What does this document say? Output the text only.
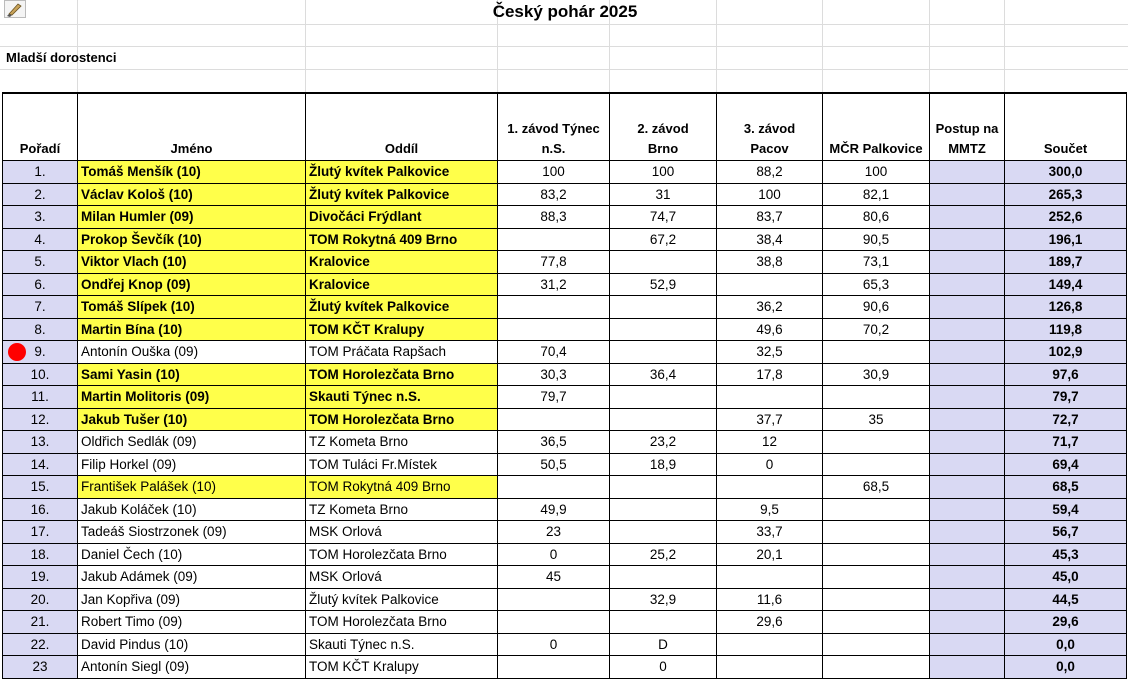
Český pohár 2025
Mladší dorostenci
Pořadí	Jméno	Oddíl	1. závod Týnec n.S.	2. závod Brno	3. závod Pacov	MČR Palkovice	Postup na MMTZ	Součet
1.	Tomáš Menšík (10)	Žlutý kvítek Palkovice	100	100	88,2	100		300,0
2.	Václav Kološ (10)	Žlutý kvítek Palkovice	83,2	31	100	82,1		265,3
3.	Milan Humler (09)	Divočáci Frýdlant	88,3	74,7	83,7	80,6		252,6
4.	Prokop Ševčík (10)	TOM Rokytná 409 Brno		67,2	38,4	90,5		196,1
5.	Viktor Vlach (10)	Kralovice	77,8		38,8	73,1		189,7
6.	Ondřej Knop (09)	Kralovice	31,2	52,9		65,3		149,4
7.	Tomáš Slípek (10)	Žlutý kvítek Palkovice			36,2	90,6		126,8
8.	Martin Bína (10)	TOM KČT Kralupy			49,6	70,2		119,8
9.	Antonín Ouška (09)	TOM Práčata Rapšach	70,4		32,5			102,9
10.	Sami Yasin (10)	TOM Horolezčata Brno	30,3	36,4	17,8	30,9		97,6
11.	Martin Molitoris (09)	Skauti Týnec n.S.	79,7					79,7
12.	Jakub Tušer (10)	TOM Horolezčata Brno			37,7	35		72,7
13.	Oldřich Sedlák (09)	TZ Kometa Brno	36,5	23,2	12			71,7
14.	Filip Horkel (09)	TOM Tuláci Fr.Místek	50,5	18,9	0			69,4
15.	František Palášek (10)	TOM Rokytná 409 Brno				68,5		68,5
16.	Jakub Koláček (10)	TZ Kometa Brno	49,9		9,5			59,4
17.	Tadeáš Siostrzonek (09)	MSK Orlová	23		33,7			56,7
18.	Daniel Čech (10)	TOM Horolezčata Brno	0	25,2	20,1			45,3
19.	Jakub Adámek (09)	MSK Orlová	45					45,0
20.	Jan Kopřiva (09)	Žlutý kvítek Palkovice		32,9	11,6			44,5
21.	Robert Timo (09)	TOM Horolezčata Brno			29,6			29,6
22.	David Pindus (10)	Skauti Týnec n.S.	0	D				0,0
23	Antonín Siegl (09)	TOM KČT Kralupy		0				0,0
